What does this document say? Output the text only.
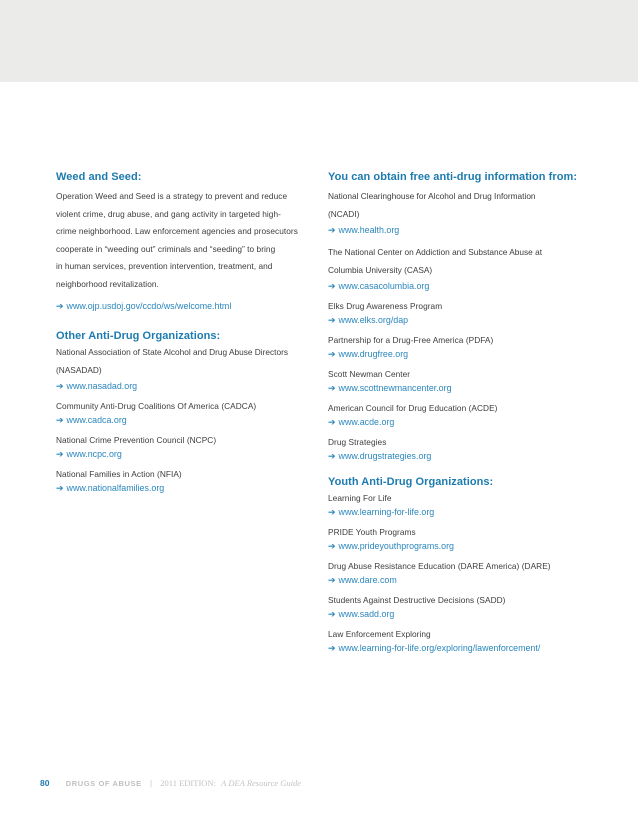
Weed and Seed:
Operation Weed and Seed is a strategy to prevent and reduce
violent crime, drug abuse, and gang activity in targeted high-
crime neighborhood. Law enforcement agencies and prosecutors
cooperate in “weeding out” criminals and “seeding” to bring
in human services, prevention intervention, treatment, and
neighborhood revitalization.
➔ www.ojp.usdoj.gov/ccdo/ws/welcome.html
Other Anti-Drug Organizations:
National Association of State Alcohol and Drug Abuse Directors
(NASADAD)
➔ www.nasadad.org
Community Anti-Drug Coalitions Of America (CADCA)
➔ www.cadca.org
National Crime Prevention Council (NCPC)
➔ www.ncpc.org
National Families in Action (NFIA)
➔ www.nationalfamilies.org
You can obtain free anti-drug information from:
National Clearinghouse for Alcohol and Drug Information
(NCADI)
➔ www.health.org
The National Center on Addiction and Substance Abuse at
Columbia University (CASA)
➔ www.casacolumbia.org
Elks Drug Awareness Program
➔ www.elks.org/dap
Partnership for a Drug-Free America (PDFA)
➔ www.drugfree.org
Scott Newman Center
➔ www.scottnewmancenter.org
American Council for Drug Education (ACDE)
➔ www.acde.org
Drug Strategies
➔ www.drugstrategies.org
Youth Anti-Drug Organizations:
Learning For Life
➔ www.learning-for-life.org
PRIDE Youth Programs
➔ www.prideyouthprograms.org
Drug Abuse Resistance Education (DARE America) (DARE)
➔ www.dare.com
Students Against Destructive Decisions (SADD)
➔ www.sadd.org
Law Enforcement Exploring
➔ www.learning-for-life.org/exploring/lawenforcement/
80 DRUGS OF ABUSE | 2011 EDITION: A DEA Resource Guide
